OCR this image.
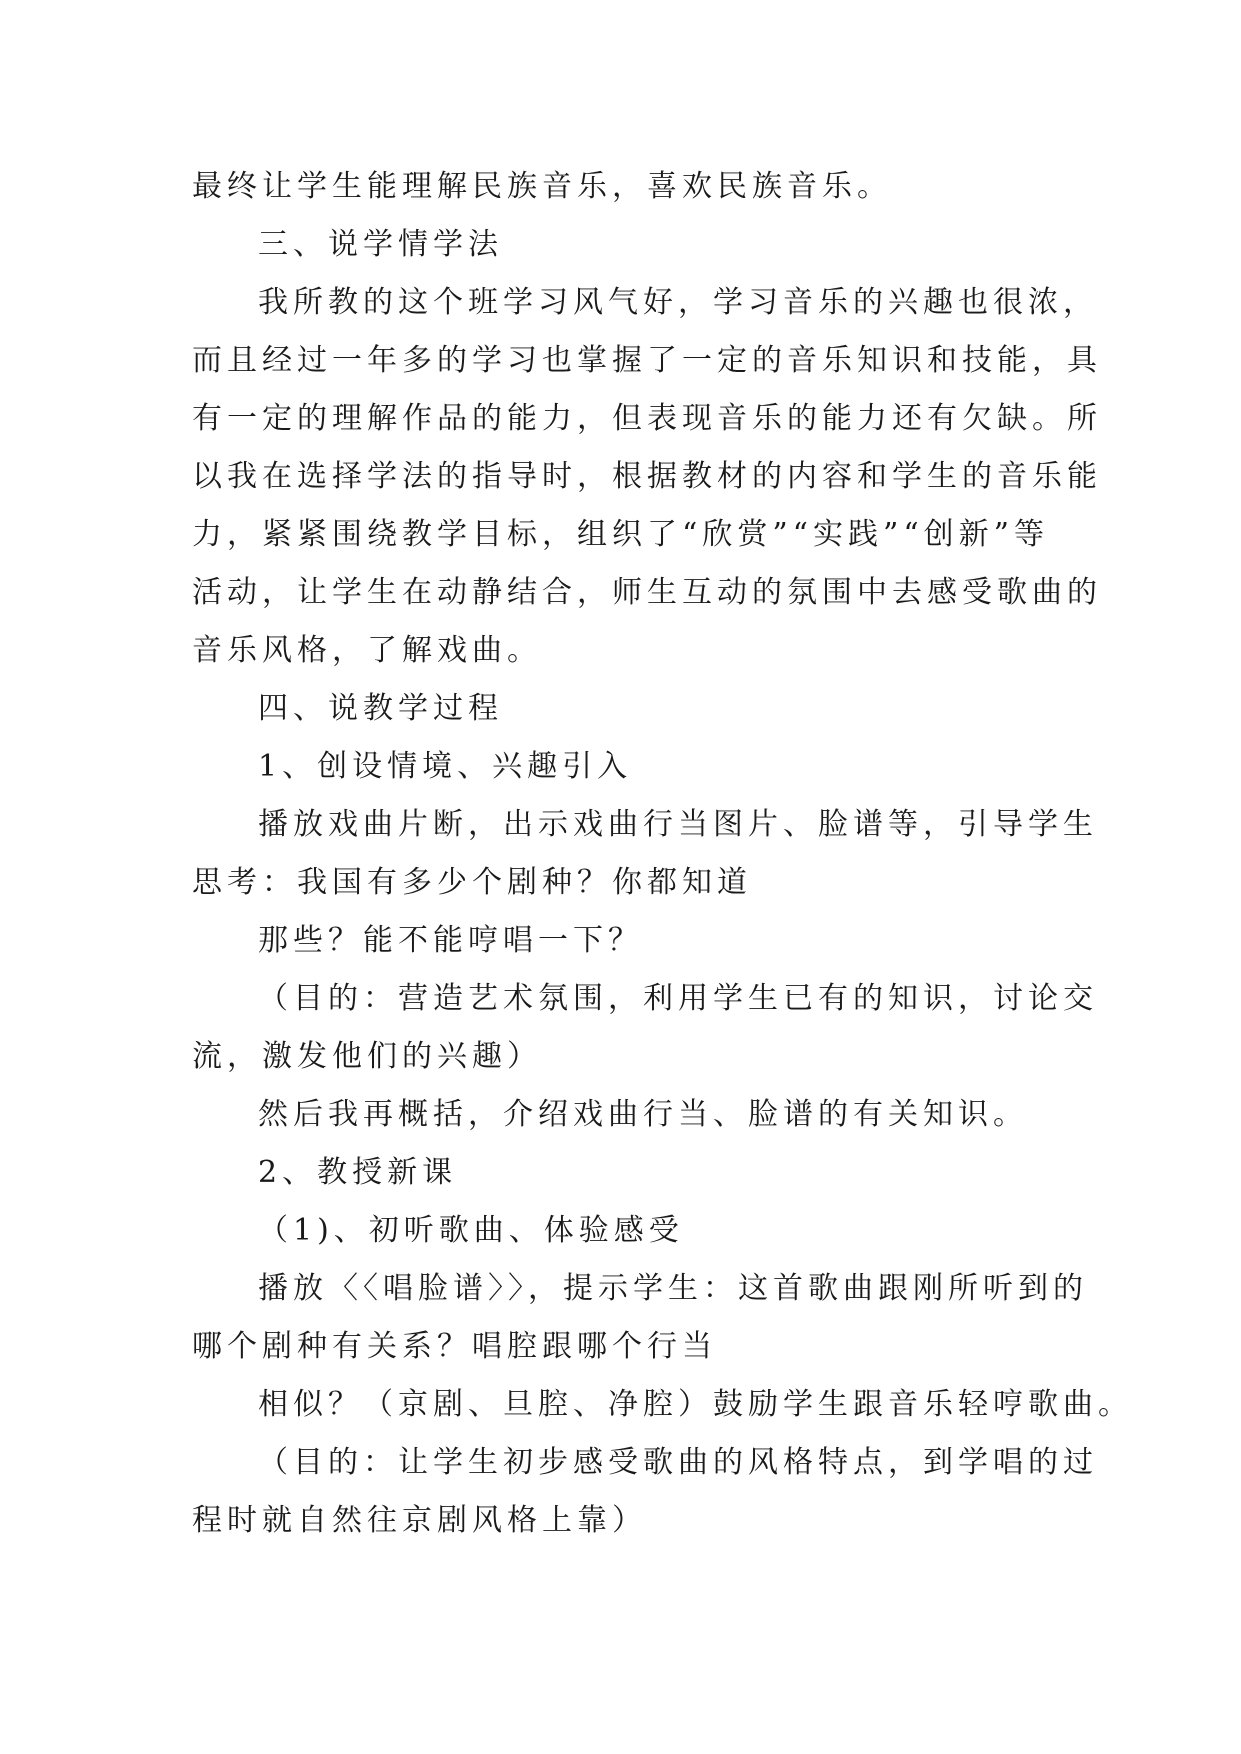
最终让学生能理解民族音乐，喜欢民族音乐。
三、说学情学法
我所教的这个班学习风气好，学习音乐的兴趣也很浓，
而且经过一年多的学习也掌握了一定的音乐知识和技能，具
有一定的理解作品的能力，但表现音乐的能力还有欠缺。所
以我在选择学法的指导时，根据教材的内容和学生的音乐能
力，紧紧围绕教学目标，组织了“欣赏”“实践”“创新”等
活动，让学生在动静结合，师生互动的氛围中去感受歌曲的
音乐风格，了解戏曲。
四、说教学过程
1、创设情境、兴趣引入
播放戏曲片断，出示戏曲行当图片、脸谱等，引导学生
思考：我国有多少个剧种？你都知道
那些？能不能哼唱一下？
（目的：营造艺术氛围，利用学生已有的知识，讨论交
流，激发他们的兴趣）
然后我再概括，介绍戏曲行当、脸谱的有关知识。
2、教授新课
（1)、初听歌曲、体验感受
播放〈〈唱脸谱〉〉，提示学生：这首歌曲跟刚所听到的
哪个剧种有关系？唱腔跟哪个行当
相似？（京剧、旦腔、净腔）鼓励学生跟音乐轻哼歌曲。
（目的：让学生初步感受歌曲的风格特点，到学唱的过
程时就自然往京剧风格上靠）
